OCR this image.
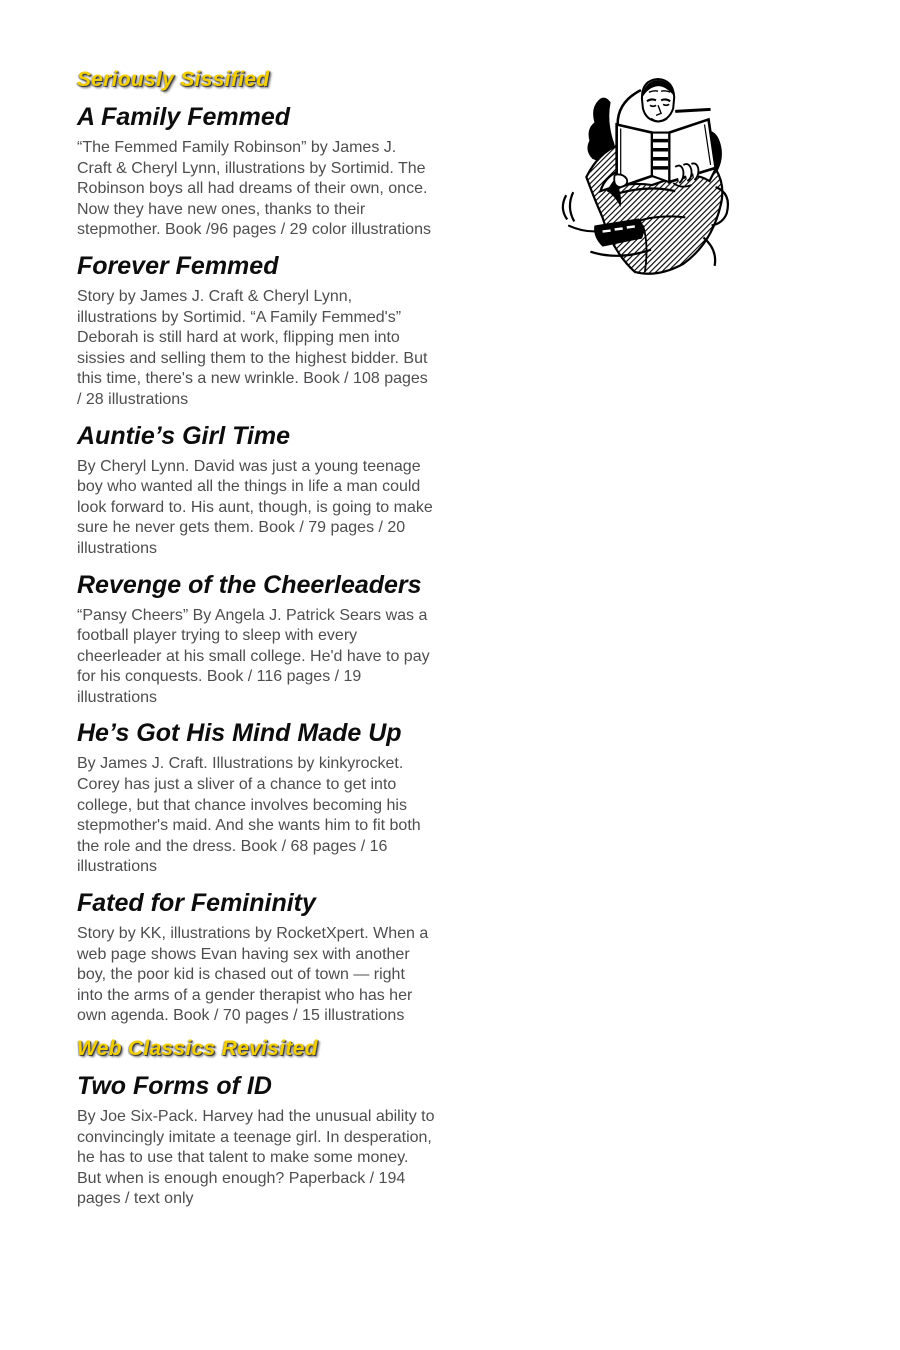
Seriously Sissified
A Family Femmed

“The Femmed Family Robinson” by James J. Craft & Cheryl Lynn, illustrations by Sortimid. The Robinson boys all had dreams of their own, once. Now they have new ones, thanks to their stepmother. Book /96 pages / 29 color illustrations

Forever Femmed

Story by James J. Craft & Cheryl Lynn, illustrations by Sortimid. “A Family Femmed's” Deborah is still hard at work, flipping men into sissies and selling them to the highest bidder. But this time, there's a new wrinkle. Book / 108 pages / 28 illustrations

Auntie’s Girl Time

By Cheryl Lynn. David was just a young teenage boy who wanted all the things in life a man could look forward to. His aunt, though, is going to make sure he never gets them. Book / 79 pages / 20 illustrations

Revenge of the Cheerleaders

“Pansy Cheers” By Angela J. Patrick Sears was a football player trying to sleep with every cheerleader at his small college. He'd have to pay for his conquests. Book / 116 pages / 19 illustrations

He’s Got His Mind Made Up

By James J. Craft. Illustrations by kinkyrocket. Corey has just a sliver of a chance to get into college, but that chance involves becoming his stepmother's maid. And she wants him to fit both the role and the dress. Book / 68 pages / 16 illustrations

Fated for Femininity

Story by KK, illustrations by RocketXpert. When a web page shows Evan having sex with another boy, the poor kid is chased out of town — right into the arms of a gender therapist who has her own agenda. Book / 70 pages / 15 illustrations

Web Classics Revisited
Two Forms of ID

By Joe Six-Pack. Harvey had the unusual ability to convincingly imitate a teenage girl. In desperation, he has to use that talent to make some money. But when is enough enough? Paperback / 194 pages / text only
